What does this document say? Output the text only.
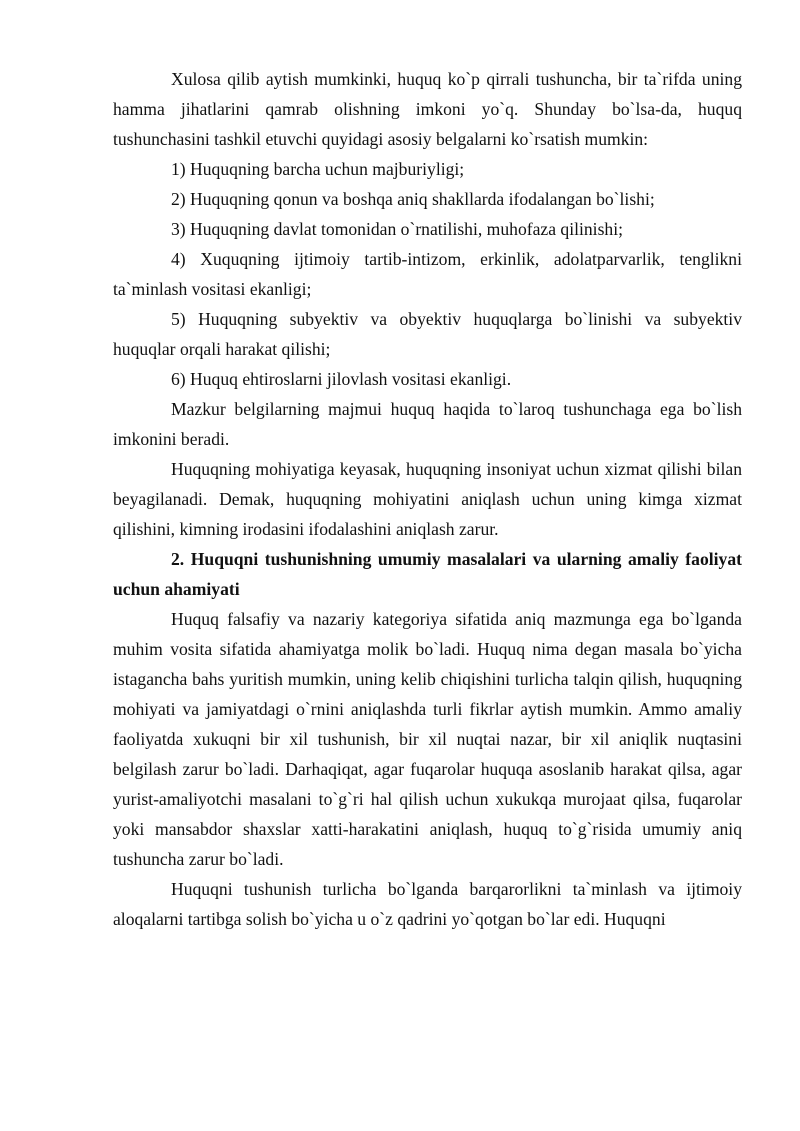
Xulosa qilib aytish mumkinki, huquq ko`p qirrali tushuncha, bir ta`rifda uning hamma jihatlarini qamrab olishning imkoni yo`q. Shunday bo`lsa-da, huquq tushunchasini tashkil etuvchi quyidagi asosiy belgalarni ko`rsatish mumkin:

1) Huquqning barcha uchun majburiyligi;

2) Huquqning qonun va boshqa aniq shakllarda ifodalangan bo`lishi;

3) Huquqning davlat tomonidan o`rnatilishi, muhofaza qilinishi;

4) Xuquqning ijtimoiy tartib-intizom, erkinlik, adolatparvarlik, tenglikni ta`minlash vositasi ekanligi;

5) Huquqning subyektiv va obyektiv huquqlarga bo`linishi va subyektiv huquqlar orqali harakat qilishi;

6) Huquq ehtiroslarni jilovlash vositasi ekanligi.

Mazkur belgilarning majmui huquq haqida to`laroq tushunchaga ega bo`lish imkonini beradi.

Huquqning mohiyatiga keyasak, huquqning insoniyat uchun xizmat qilishi bilan beyagilanadi. Demak, huquqning mohiyatini aniqlash uchun uning kimga xizmat qilishini, kimning irodasini ifodalashini aniqlash zarur.

2. Huquqni tushunishning umumiy masalalari va ularning amaliy faoliyat uchun ahamiyati

Huquq falsafiy va nazariy kategoriya sifatida aniq mazmunga ega bo`lganda muhim vosita sifatida ahamiyatga molik bo`ladi. Huquq nima degan masala bo`yicha istagancha bahs yuritish mumkin, uning kelib chiqishini turlicha talqin qilish, huquqning mohiyati va jamiyatdagi o`rnini aniqlashda turli fikrlar aytish mumkin. Ammo amaliy faoliyatda xukuqni bir xil tushunish, bir xil nuqtai nazar, bir xil aniqlik nuqtasini belgilash zarur bo`ladi. Darhaqiqat, agar fuqarolar huquqa asoslanib harakat qilsa, agar yurist-amaliyotchi masalani to`g`ri hal qilish uchun xukukqa murojaat qilsa, fuqarolar yoki mansabdor shaxslar xatti-harakatini aniqlash, huquq to`g`risida umumiy aniq tushuncha zarur bo`ladi.

Huquqni tushunish turlicha bo`lganda barqarorlikni ta`minlash va ijtimoiy aloqalarni tartibga solish bo`yicha u o`z qadrini yo`qotgan bo`lar edi. Huquqni
